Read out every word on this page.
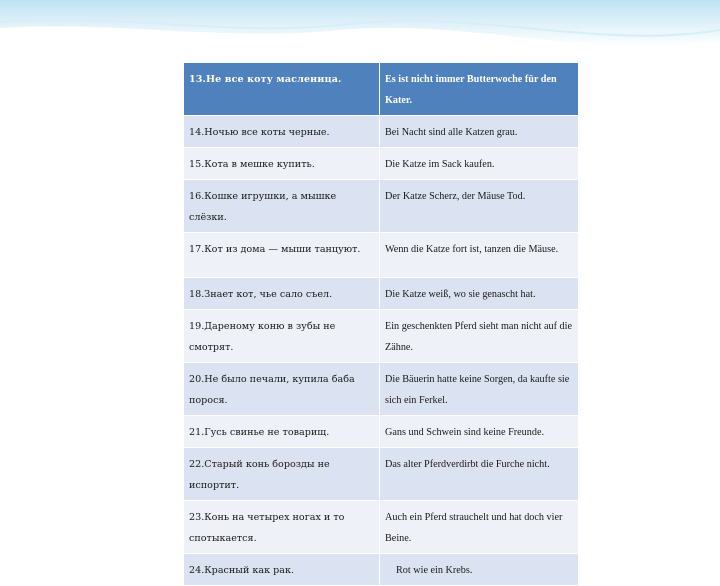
13.Не все коту масленица.	Es ist nicht immer Butterwoche für den Kater.
14.Ночью все коты черные.	Bei Nacht sind alle Katzen grau.
15.Кота в мешке купить.	Die Katze im Sack kaufen.
16.Кошке игрушки, а мышке слёзки.	Der Katze Scherz, der Mäuse Tod.
17.Кот из дома — мыши танцуют.	Wenn die Katze fort ist, tanzen die Mäuse.
18.Знает кот, чье сало съел.	Die Katze weiß, wo sie genascht hat.
19.Дареному коню в зубы не смотрят.	Ein geschenkten Pferd sieht man nicht auf die Zähne.
20.Не было печали, купила баба порося.	Die Bäuerin hatte keine Sorgen, da kaufte sie sich ein Ferkel.
21.Гусь свинье не товарищ.	Gans und Schwein sind keine Freunde.
22.Старый конь борозды не испортит.	Das alter Pferdverdirbt die Furche nicht.
23.Конь на четырех ногах и то спотыкается.	Auch ein Pferd strauchelt und hat doch vier Beine.
24.Красный как рак.	Rot wie ein Krebs.
